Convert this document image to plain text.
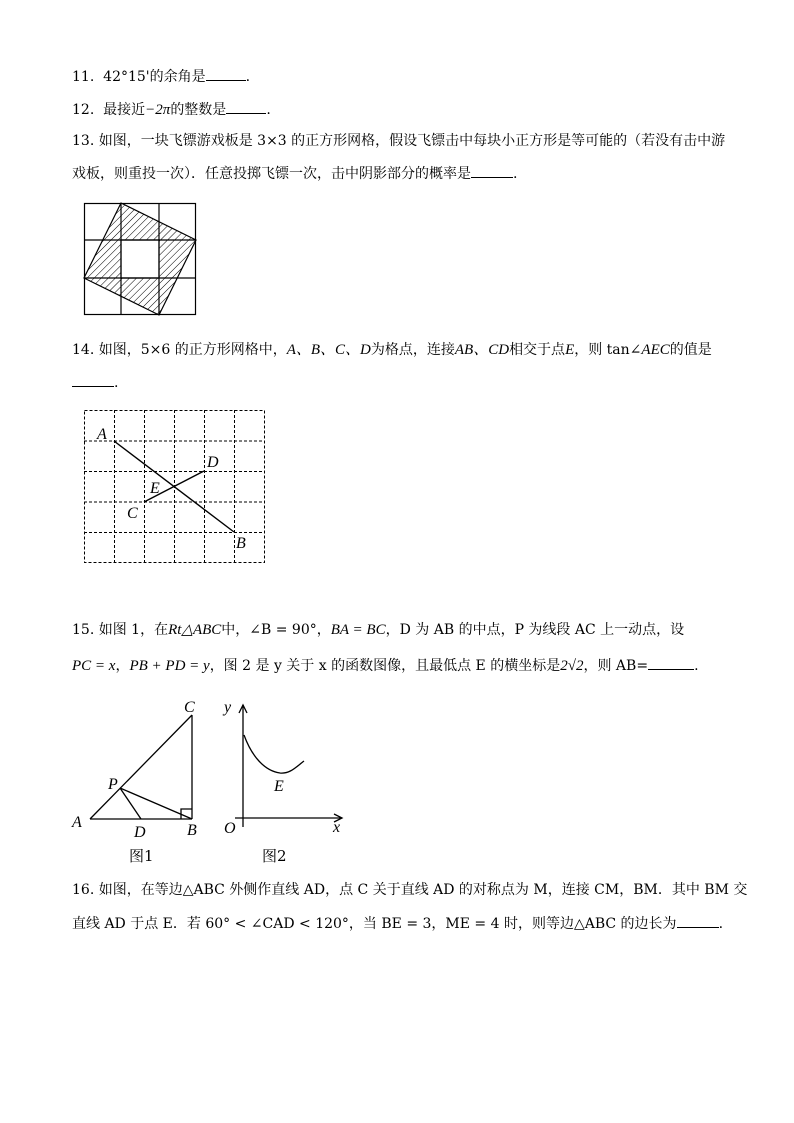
11. 42°15'的余角是	.
12. 最接近−2π的整数是	.
13. 如图，一块飞镖游戏板是 3×3 的正方形网格，假设飞镖击中每块小正方形是等可能的（若没有击中游
戏板，则重投一次）．任意投掷飞镖一次，击中阴影部分的概率是	.
14. 如图，5×6 的正方形网格中，A、B、C、D为格点，连接AB、CD相交于点E，则 tan∠AEC的值是
.
A
B
C
D
E
15. 如图 1，在Rt△ABC中，∠B = 90°，BA = BC，D 为 AB 的中点，P 为线段 AC 上一动点，设
PC = x，PB + PD = y，图 2 是 y 关于 x 的函数图像，且最低点 E 的横坐标是2√2，则 AB=	.
C
A	B
D
P
图1
y
x
O
E
图2
16. 如图，在等边△ABC 外侧作直线 AD，点 C 关于直线 AD 的对称点为 M，连接 CM，BM．其中 BM 交
直线 AD 于点 E．若 60° < ∠CAD < 120°，当 BE = 3，ME = 4 时，则等边△ABC 的边长为	.
